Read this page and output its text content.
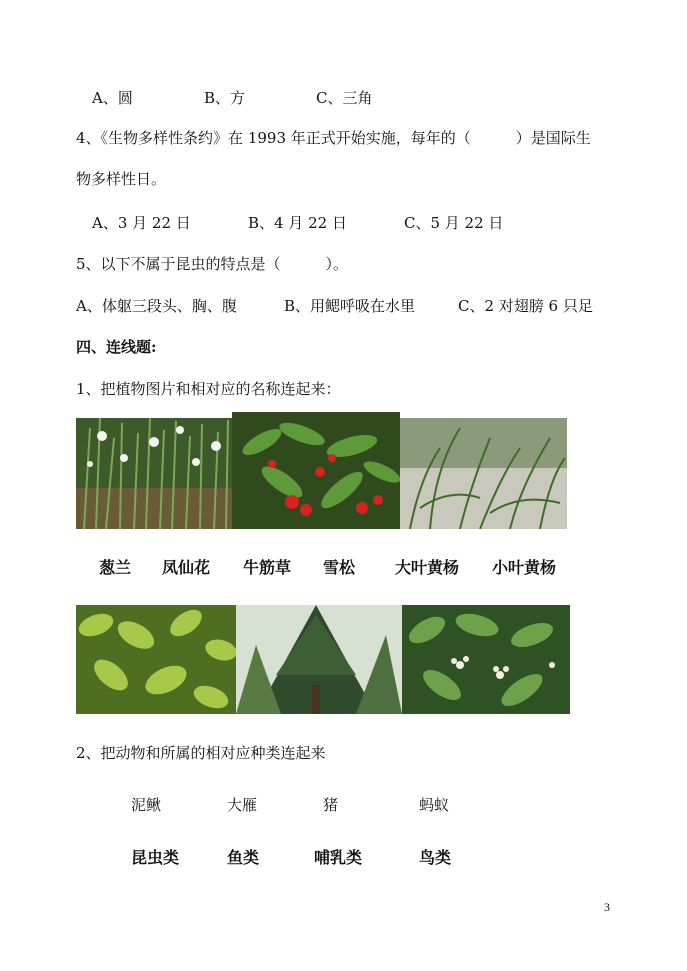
A、圆	B、方	C、三角
4、《生物多样性条约》在 1993 年正式开始实施，每年的（　　　）是国际生
物多样性日。
A、3 月 22 日	B、4 月 22 日	C、5 月 22 日
5、以下不属于昆虫的特点是（　　　）。
A、体躯三段头、胸、腹	B、用鳃呼吸在水里	C、2 对翅膀 6 只足
四、连线题:
1、把植物图片和相对应的名称连起来：
葱兰 凤仙花 牛筋草 雪松 大叶黄杨 小叶黄杨
2、把动物和所属的相对应种类连起来
泥鳅	大雁	猪	蚂蚁
昆虫类	鱼类	哺乳类	鸟类
3
